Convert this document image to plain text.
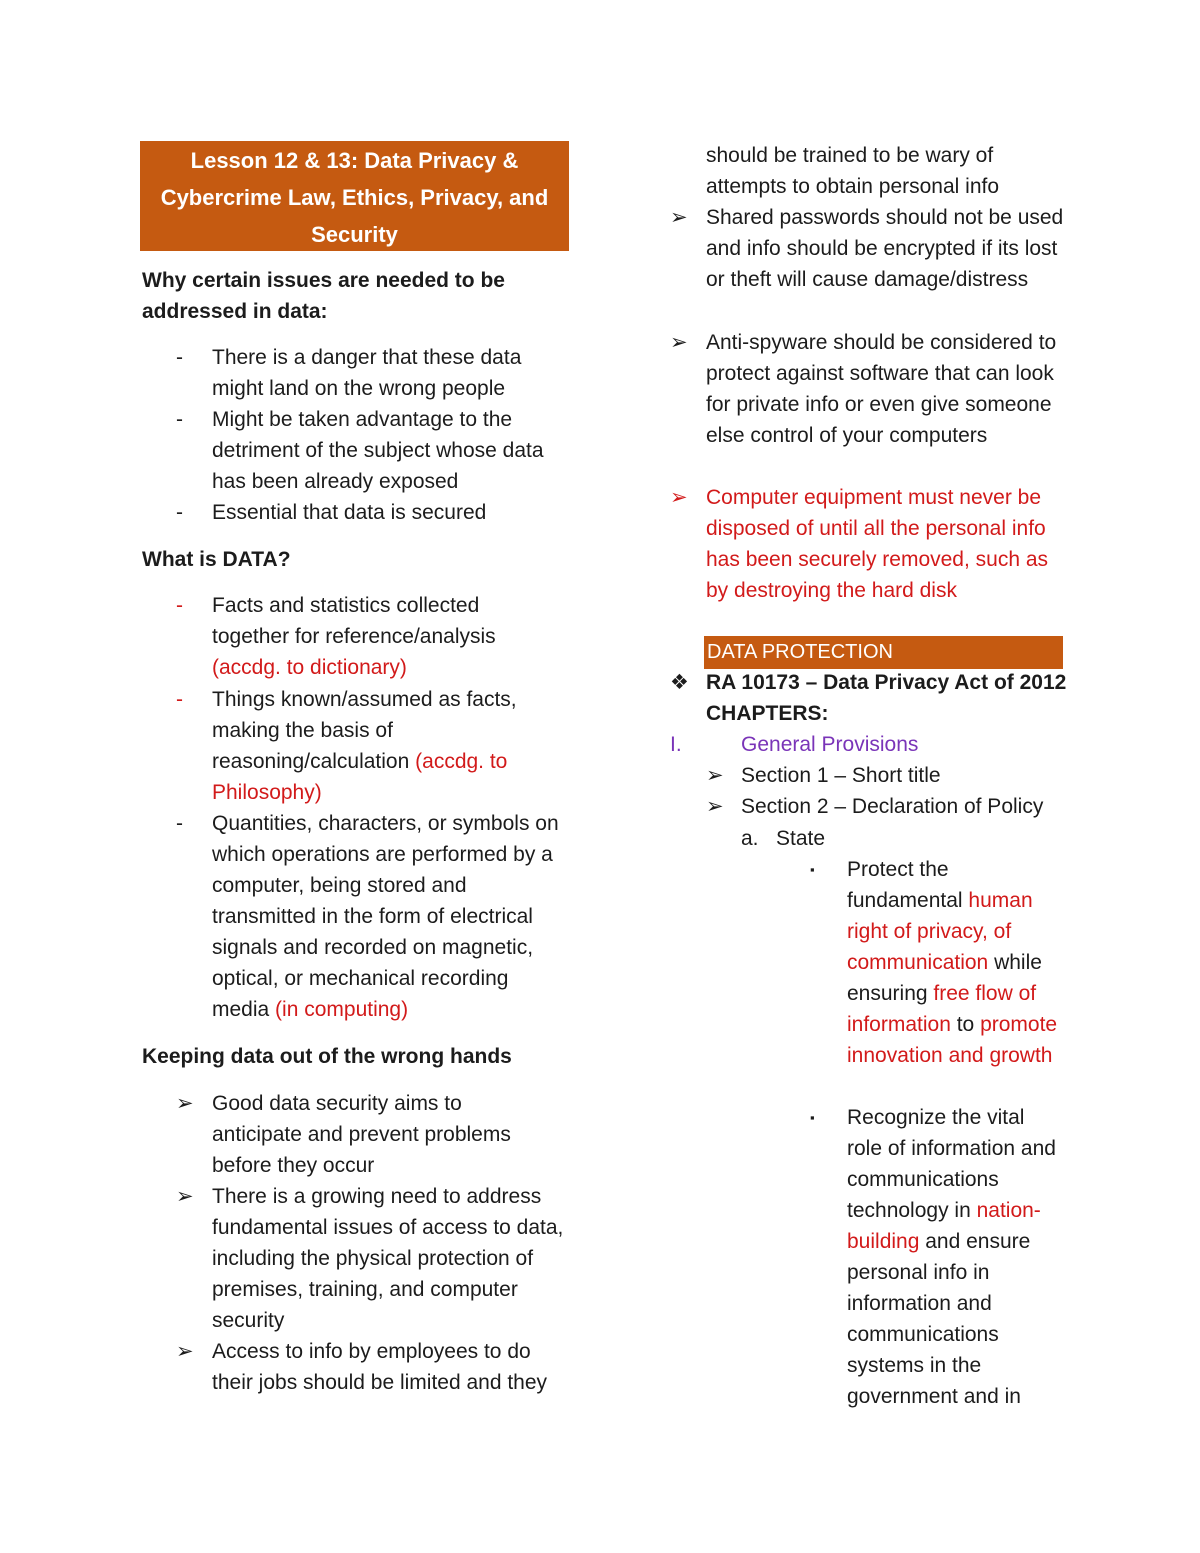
Lesson 12 & 13: Data Privacy & Cybercrime Law, Ethics, Privacy, and Security
Why certain issues are needed to be addressed in data:
- There is a danger that these data might land on the wrong people
- Might be taken advantage to the detriment of the subject whose data has been already exposed
- Essential that data is secured
What is DATA?
- Facts and statistics collected together for reference/analysis (accdg. to dictionary)
- Things known/assumed as facts, making the basis of reasoning/calculation (accdg. to Philosophy)
- Quantities, characters, or symbols on which operations are performed by a computer, being stored and transmitted in the form of electrical signals and recorded on magnetic, optical, or mechanical recording media (in computing)
Keeping data out of the wrong hands
➢ Good data security aims to anticipate and prevent problems before they occur
➢ There is a growing need to address fundamental issues of access to data, including the physical protection of premises, training, and computer security
➢ Access to info by employees to do their jobs should be limited and they
should be trained to be wary of attempts to obtain personal info
➢ Shared passwords should not be used and info should be encrypted if its lost or theft will cause damage/distress
➢ Anti-spyware should be considered to protect against software that can look for private info or even give someone else control of your computers
➢ Computer equipment must never be disposed of until all the personal info has been securely removed, such as by destroying the hard disk
DATA PROTECTION
❖ RA 10173 – Data Privacy Act of 2012 CHAPTERS:
I.	General Provisions
➢ Section 1 – Short title
➢ Section 2 – Declaration of Policy
a. State
▪ Protect the fundamental human right of privacy, of communication while ensuring free flow of information to promote innovation and growth
▪ Recognize the vital role of information and communications technology in nation-building and ensure personal info in information and communications systems in the government and in
